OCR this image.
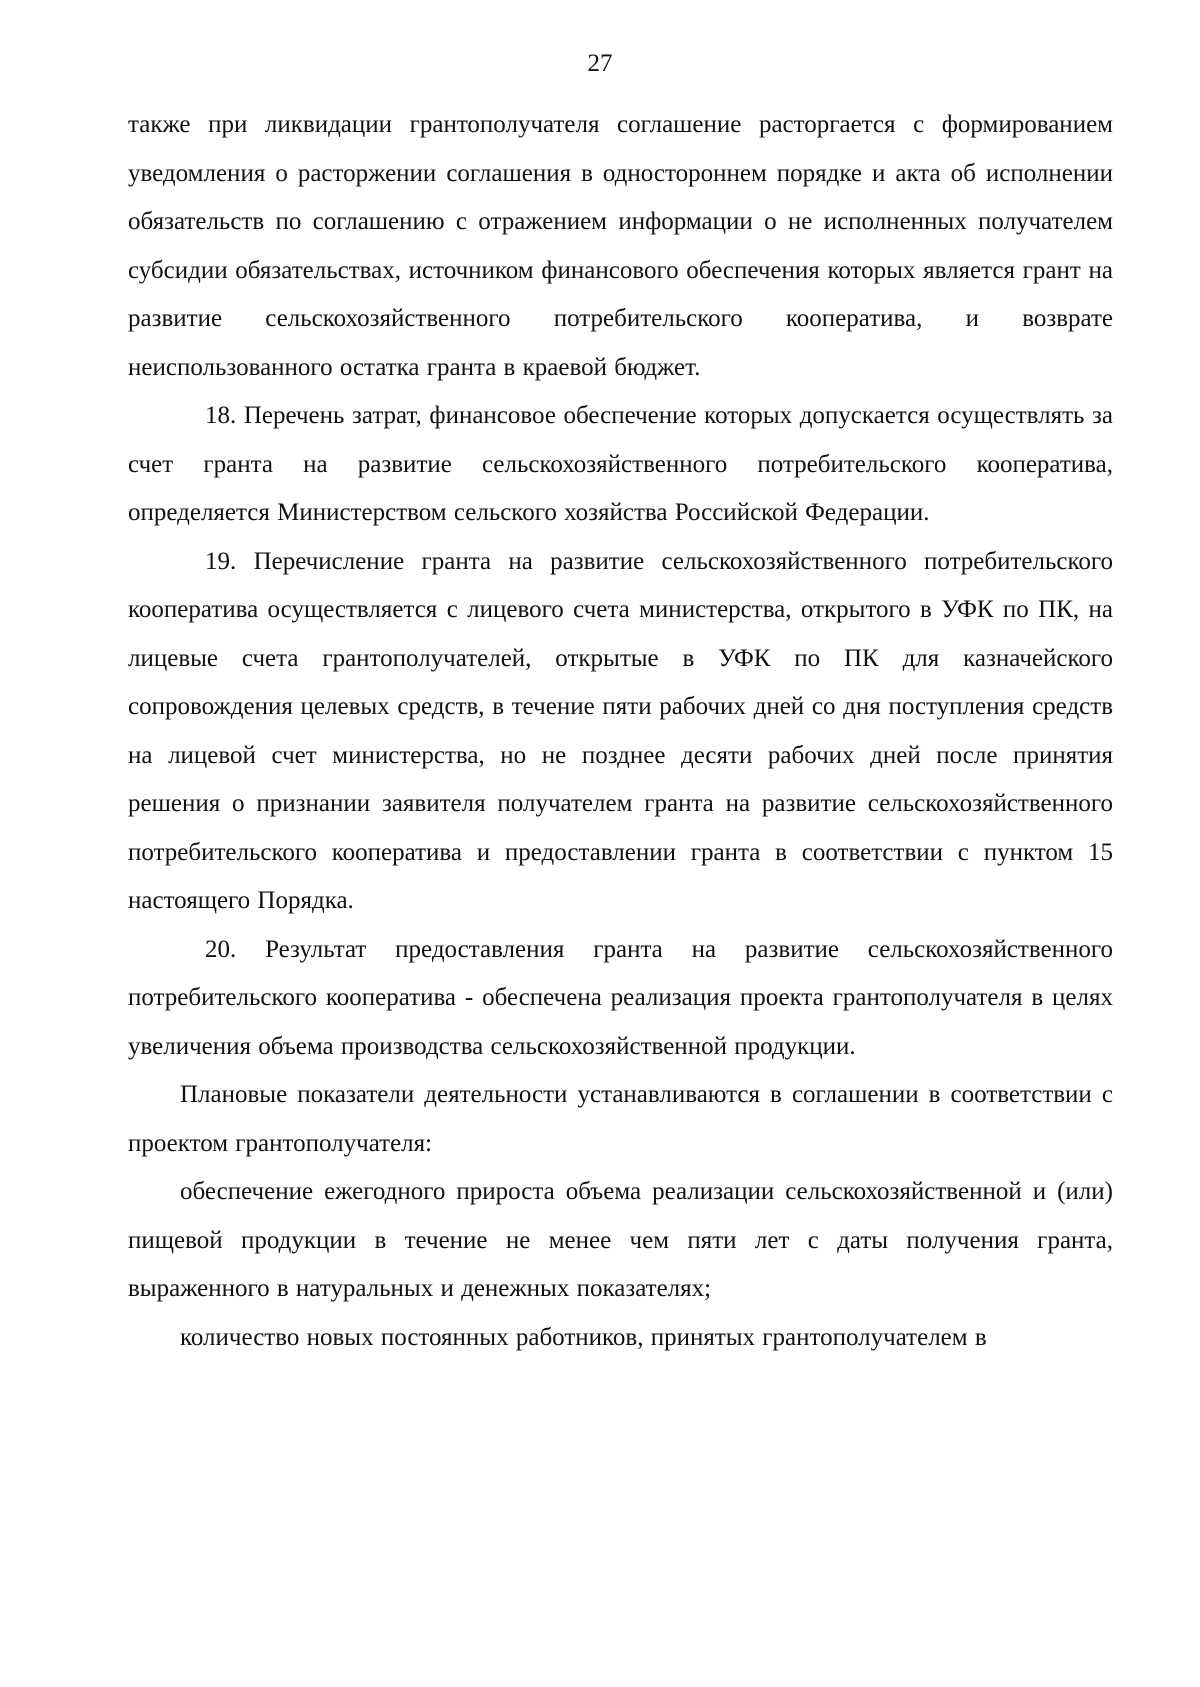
27

также при ликвидации грантополучателя соглашение расторгается с формированием уведомления о расторжении соглашения в одностороннем порядке и акта об исполнении обязательств по соглашению с отражением информации о не исполненных получателем субсидии обязательствах, источником финансового обеспечения которых является грант на развитие сельскохозяйственного потребительского кооператива, и возврате неиспользованного остатка гранта в краевой бюджет.

18. Перечень затрат, финансовое обеспечение которых допускается осуществлять за счет гранта на развитие сельскохозяйственного потребительского кооператива, определяется Министерством сельского хозяйства Российской Федерации.

19. Перечисление гранта на развитие сельскохозяйственного потребительского кооператива осуществляется с лицевого счета министерства, открытого в УФК по ПК, на лицевые счета грантополучателей, открытые в УФК по ПК для казначейского сопровождения целевых средств, в течение пяти рабочих дней со дня поступления средств на лицевой счет министерства, но не позднее десяти рабочих дней после принятия решения о признании заявителя получателем гранта на развитие сельскохозяйственного потребительского кооператива и предоставлении гранта в соответствии с пунктом 15 настоящего Порядка.

20. Результат предоставления гранта на развитие сельскохозяйственного потребительского кооператива - обеспечена реализация проекта грантополучателя в целях увеличения объема производства сельскохозяйственной продукции.

Плановые показатели деятельности устанавливаются в соглашении в соответствии с проектом грантополучателя:

обеспечение ежегодного прироста объема реализации сельскохозяйственной и (или) пищевой продукции в течение не менее чем пяти лет с даты получения гранта, выраженного в натуральных и денежных показателях;

количество новых постоянных работников, принятых грантополучателем в
